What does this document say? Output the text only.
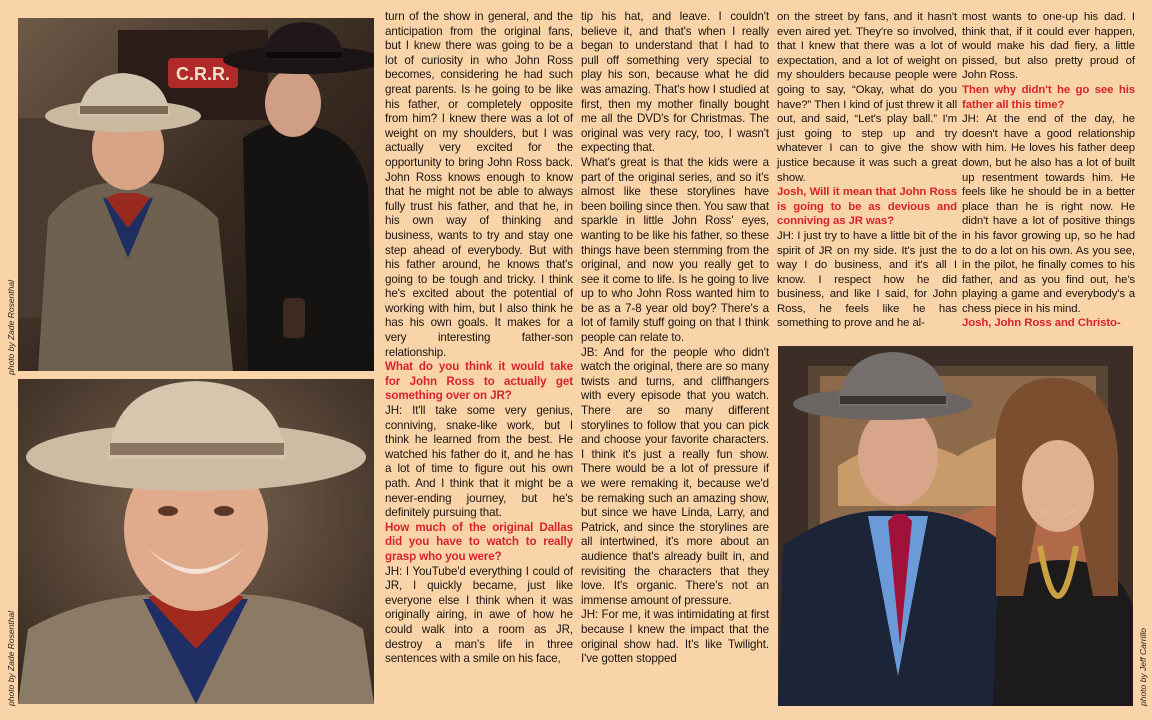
C.R.R.
photo by Zade Rosenthal
photo by Zade Rosenthal	photo by Jeff Carrillo

turn of the show in general, and the anticipation from the original fans, but I knew there was going to be a lot of curiosity in who John Ross becomes, considering he had such great parents. Is he going to be like his father, or completely opposite from him? I knew there was a lot of weight on my shoulders, but I was actually very excited for the opportunity to bring John Ross back. John Ross knows enough to know that he might not be able to always fully trust his father, and that he, in his own way of thinking and business, wants to try and stay one step ahead of everybody. But with his father around, he knows that's going to be tough and tricky. I think he's excited about the potential of working with him, but I also think he has his own goals. It makes for a very interesting father-son relationship.

What do you think it would take for John Ross to actually get something over on JR?

JH: It'll take some very genius, conniving, snake-like work, but I think he learned from the best. He watched his father do it, and he has a lot of time to figure out his own path. And I think that it might be a never-ending journey, but he's definitely pursuing that.

How much of the original Dallas did you have to watch to really grasp who you were?

JH: I YouTube'd everything I could of JR, I quickly became, just like everyone else I think when it was originally airing, in awe of how he could walk into a room as JR, destroy a man's life in three sentences with a smile on his face,

tip his hat, and leave. I couldn't believe it, and that's when I really began to understand that I had to pull off something very special to play his son, because what he did was amazing. That's how I studied at first, then my mother finally bought me all the DVD's for Christmas. The original was very racy, too, I wasn't expecting that.

What's great is that the kids were a part of the original series, and so it's almost like these storylines have been boiling since then. You saw that sparkle in little John Ross' eyes, wanting to be like his father, so these things have been stemming from the original, and now you really get to see it come to life. Is he going to live up to who John Ross wanted him to be as a 7-8 year old boy? There's a lot of family stuff going on that I think people can relate to.

JB: And for the people who didn't watch the original, there are so many twists and turns, and cliffhangers with every episode that you watch. There are so many different storylines to follow that you can pick and choose your favorite characters. I think it's just a really fun show. There would be a lot of pressure if we were remaking it, because we'd be remaking such an amazing show, but since we have Linda, Larry, and Patrick, and since the storylines are all intertwined, it's more about an audience that's already built in, and revisiting the characters that they love. It's organic. There's not an immense amount of pressure.

JH: For me, it was intimidating at first because I knew the impact that the original show had. It's like Twilight. I've gotten stopped

on the street by fans, and it hasn't even aired yet. They're so involved, that I knew that there was a lot of expectation, and a lot of weight on my shoulders because people were going to say, “Okay, what do you have?” Then I kind of just threw it all out, and said, “Let's play ball.” I'm just going to step up and try whatever I can to give the show justice because it was such a great show.

Josh, Will it mean that John Ross is going to be as devious and conniving as JR was?

JH: I just try to have a little bit of the spirit of JR on my side. It's just the way I do business, and it's all I know. I respect how he did business, and like I said, for John Ross, he feels like he has something to prove and he al-

most wants to one-up his dad. I think that, if it could ever happen, would make his dad fiery, a little pissed, but also pretty proud of John Ross.

Then why didn't he go see his father all this time?

JH: At the end of the day, he doesn't have a good relationship with him. He loves his father deep down, but he also has a lot of built up resentment towards him. He feels like he should be in a better place than he is right now. He didn't have a lot of positive things in his favor growing up, so he had to do a lot on his own. As you see, in the pilot, he finally comes to his father, and as you find out, he's playing a game and everybody's a chess piece in his mind.

Josh, John Ross and Christo-
